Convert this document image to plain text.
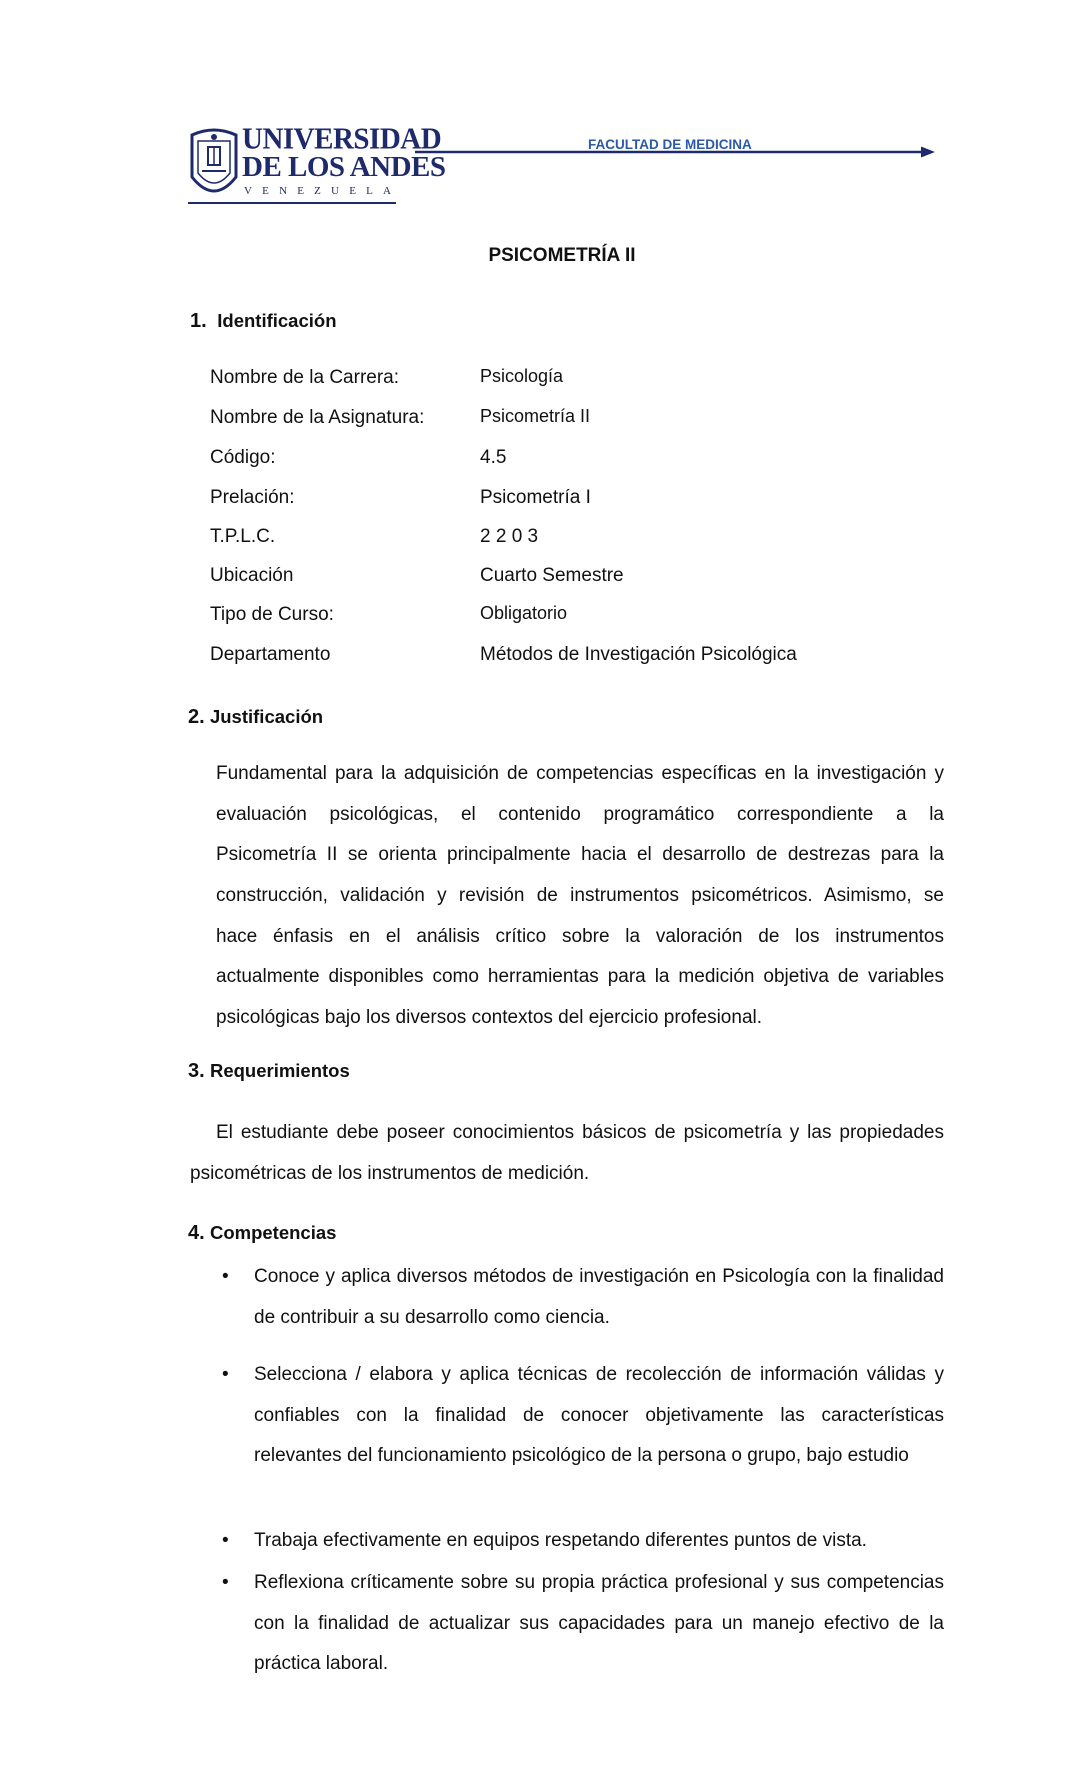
UNIVERSIDAD
DE LOS ANDES
VENEZUELA
FACULTAD DE MEDICINA
PSICOMETRÍA II
1. Identificación
Nombre de la Carrera:	Psicología
Nombre de la Asignatura:	Psicometría II
Código:	4.5
Prelación:	Psicometría I
T.P.L.C.	2 2 0 3
Ubicación	Cuarto Semestre
Tipo de Curso:	Obligatorio
Departamento	Métodos de Investigación Psicológica
2. Justificación
Fundamental para la adquisición de competencias específicas en la investigación y
evaluación psicológicas, el contenido programático correspondiente a la
Psicometría II se orienta principalmente hacia el desarrollo de destrezas para la
construcción, validación y revisión de instrumentos psicométricos. Asimismo, se
hace énfasis en el análisis crítico sobre la valoración de los instrumentos
actualmente disponibles como herramientas para la medición objetiva de variables
psicológicas bajo los diversos contextos del ejercicio profesional.
3. Requerimientos
El estudiante debe poseer conocimientos básicos de psicometría y las propiedades
psicométricas de los instrumentos de medición.
4. Competencias
• Conoce y aplica diversos métodos de investigación en Psicología con la finalidad
de contribuir a su desarrollo como ciencia.
• Selecciona / elabora y aplica técnicas de recolección de información válidas y
confiables con la finalidad de conocer objetivamente las características
relevantes del funcionamiento psicológico de la persona o grupo, bajo estudio
• Trabaja efectivamente en equipos respetando diferentes puntos de vista.
• Reflexiona críticamente sobre su propia práctica profesional y sus competencias
con la finalidad de actualizar sus capacidades para un manejo efectivo de la
práctica laboral.
